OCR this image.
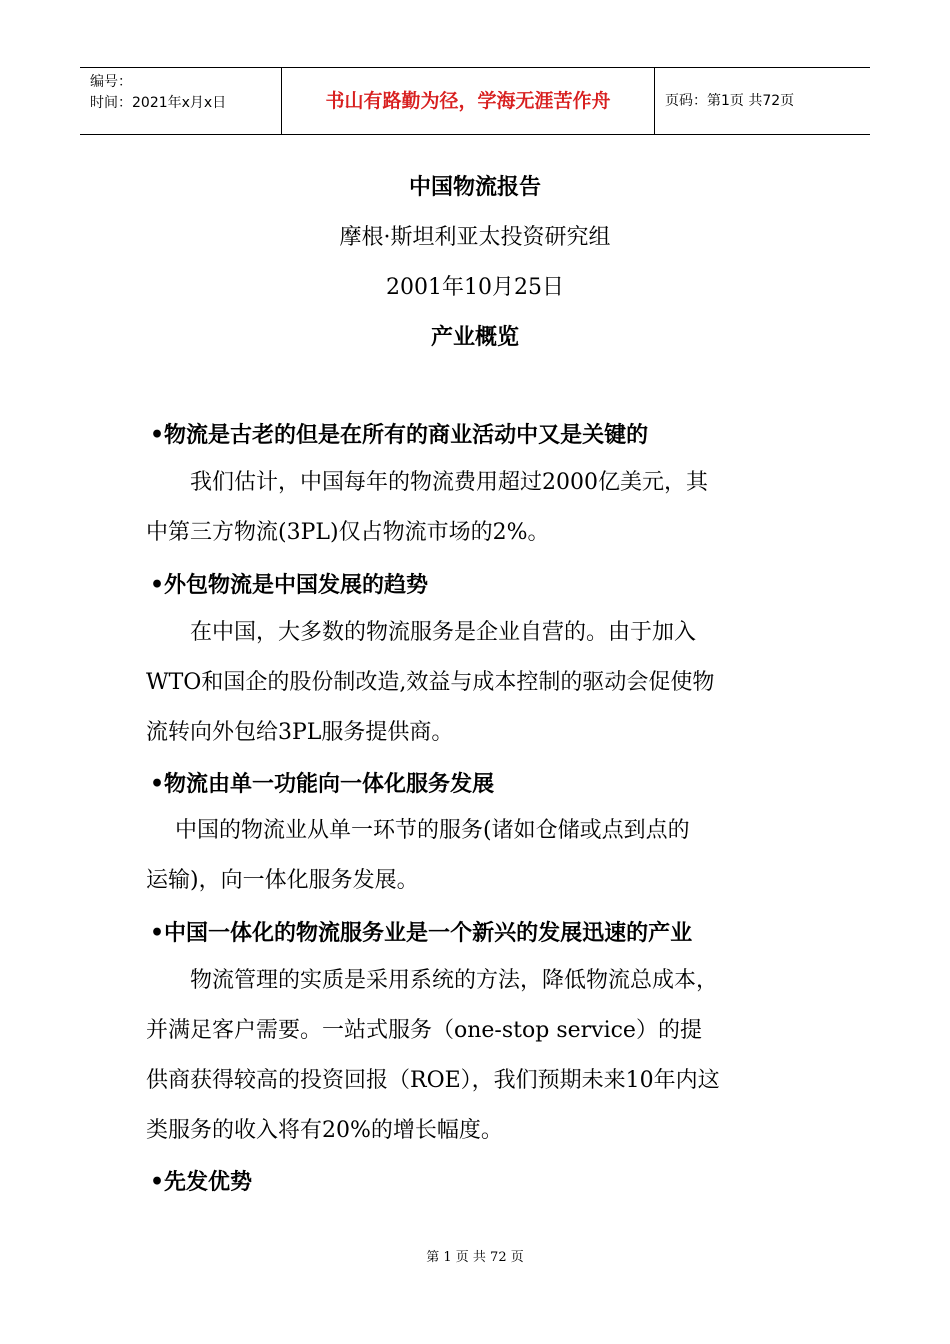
编号：
时间：2021年x月x日	书山有路勤为径，学海无涯苦作舟	页码：第1页 共72页
中国物流报告
摩根·斯坦利亚太投资研究组
2001年10月25日
产业概览
•物流是古老的但是在所有的商业活动中又是关键的
　　我们估计，中国每年的物流费用超过2000亿美元，其
中第三方物流(3PL)仅占物流市场的2%。
•外包物流是中国发展的趋势
　　在中国，大多数的物流服务是企业自营的。由于加入
WTO和国企的股份制改造,效益与成本控制的驱动会促使物
流转向外包给3PL服务提供商。
•物流由单一功能向一体化服务发展
　 中国的物流业从单一环节的服务(诸如仓储或点到点的
运输)，向一体化服务发展。
•中国一体化的物流服务业是一个新兴的发展迅速的产业
　　物流管理的实质是采用系统的方法，降低物流总成本，
并满足客户需要。一站式服务（one-stop service）的提
供商获得较高的投资回报（ROE），我们预期未来10年内这
类服务的收入将有20%的增长幅度。
•先发优势
第 1 页 共 72 页
